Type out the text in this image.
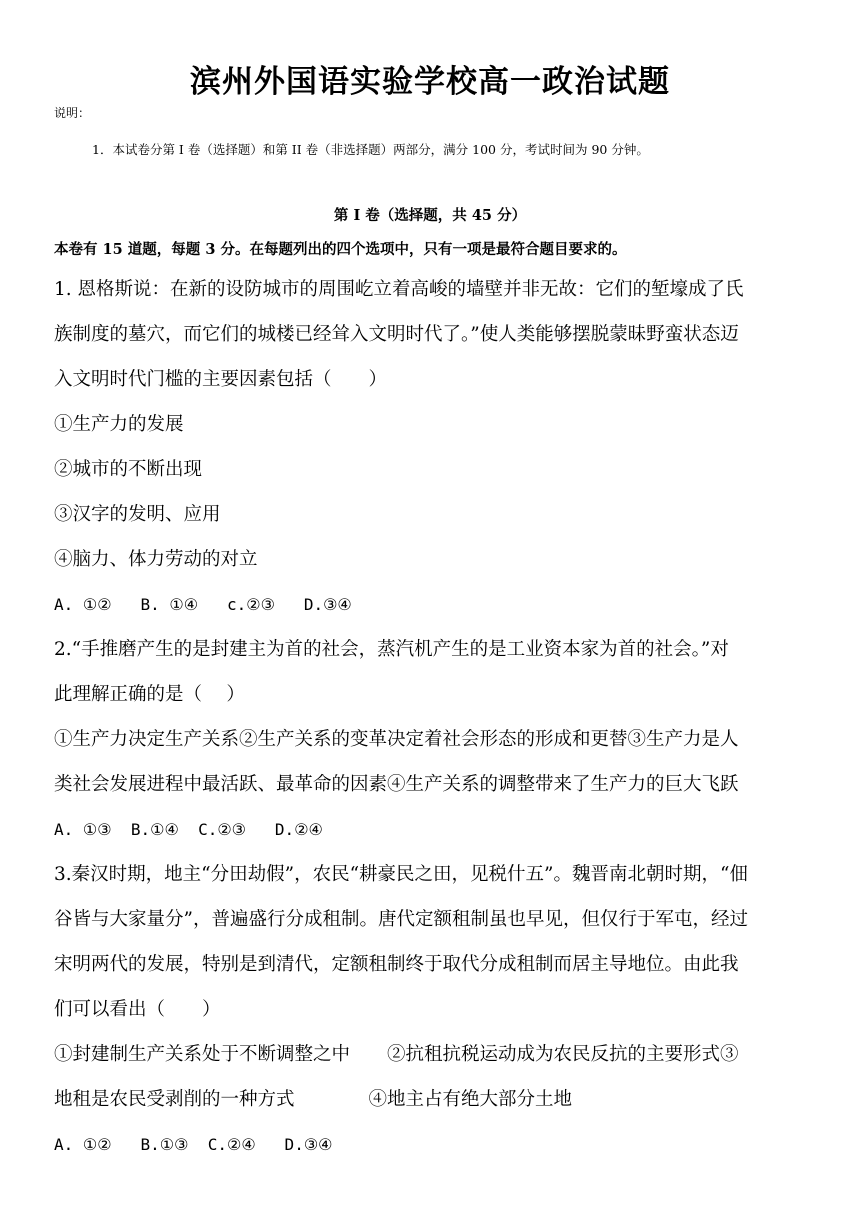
滨州外国语实验学校高一政治试题
说明：
1．本试卷分第 I 卷（选择题）和第 II 卷（非选择题）两部分，满分 100 分，考试时间为 90 分钟。
第 I 卷（选择题，共 45 分）
本卷有 15 道题，每题 3 分。在每题列出的四个选项中，只有一项是最符合题目要求的。
1. 恩格斯说：在新的设防城市的周围屹立着高峻的墙壁并非无故：它们的堑壕成了氏
族制度的墓穴，而它们的城楼已经耸入文明时代了。”使人类能够摆脱蒙昧野蛮状态迈
入文明时代门槛的主要因素包括（　　）
①生产力的发展
②城市的不断出现
③汉字的发明、应用
④脑力、体力劳动的对立
A. ①②   B. ①④   c.②③   D.③④
2.“手推磨产生的是封建主为首的社会，蒸汽机产生的是工业资本家为首的社会。”对
此理解正确的是（　 ）
①生产力决定生产关系②生产关系的变革决定着社会形态的形成和更替③生产力是人
类社会发展进程中最活跃、最革命的因素④生产关系的调整带来了生产力的巨大飞跃
A. ①③  B.①④  C.②③   D.②④
3.秦汉时期，地主“分田劫假”，农民“耕豪民之田，见税什五”。魏晋南北朝时期，“佃
谷皆与大家量分”，普遍盛行分成租制。唐代定额租制虽也早见，但仅行于军屯，经过
宋明两代的发展，特别是到清代，定额租制终于取代分成租制而居主导地位。由此我
们可以看出（　　）
①封建制生产关系处于不断调整之中　　②抗租抗税运动成为农民反抗的主要形式③
地租是农民受剥削的一种方式　　　　④地主占有绝大部分土地
A. ①②   B.①③  C.②④   D.③④
